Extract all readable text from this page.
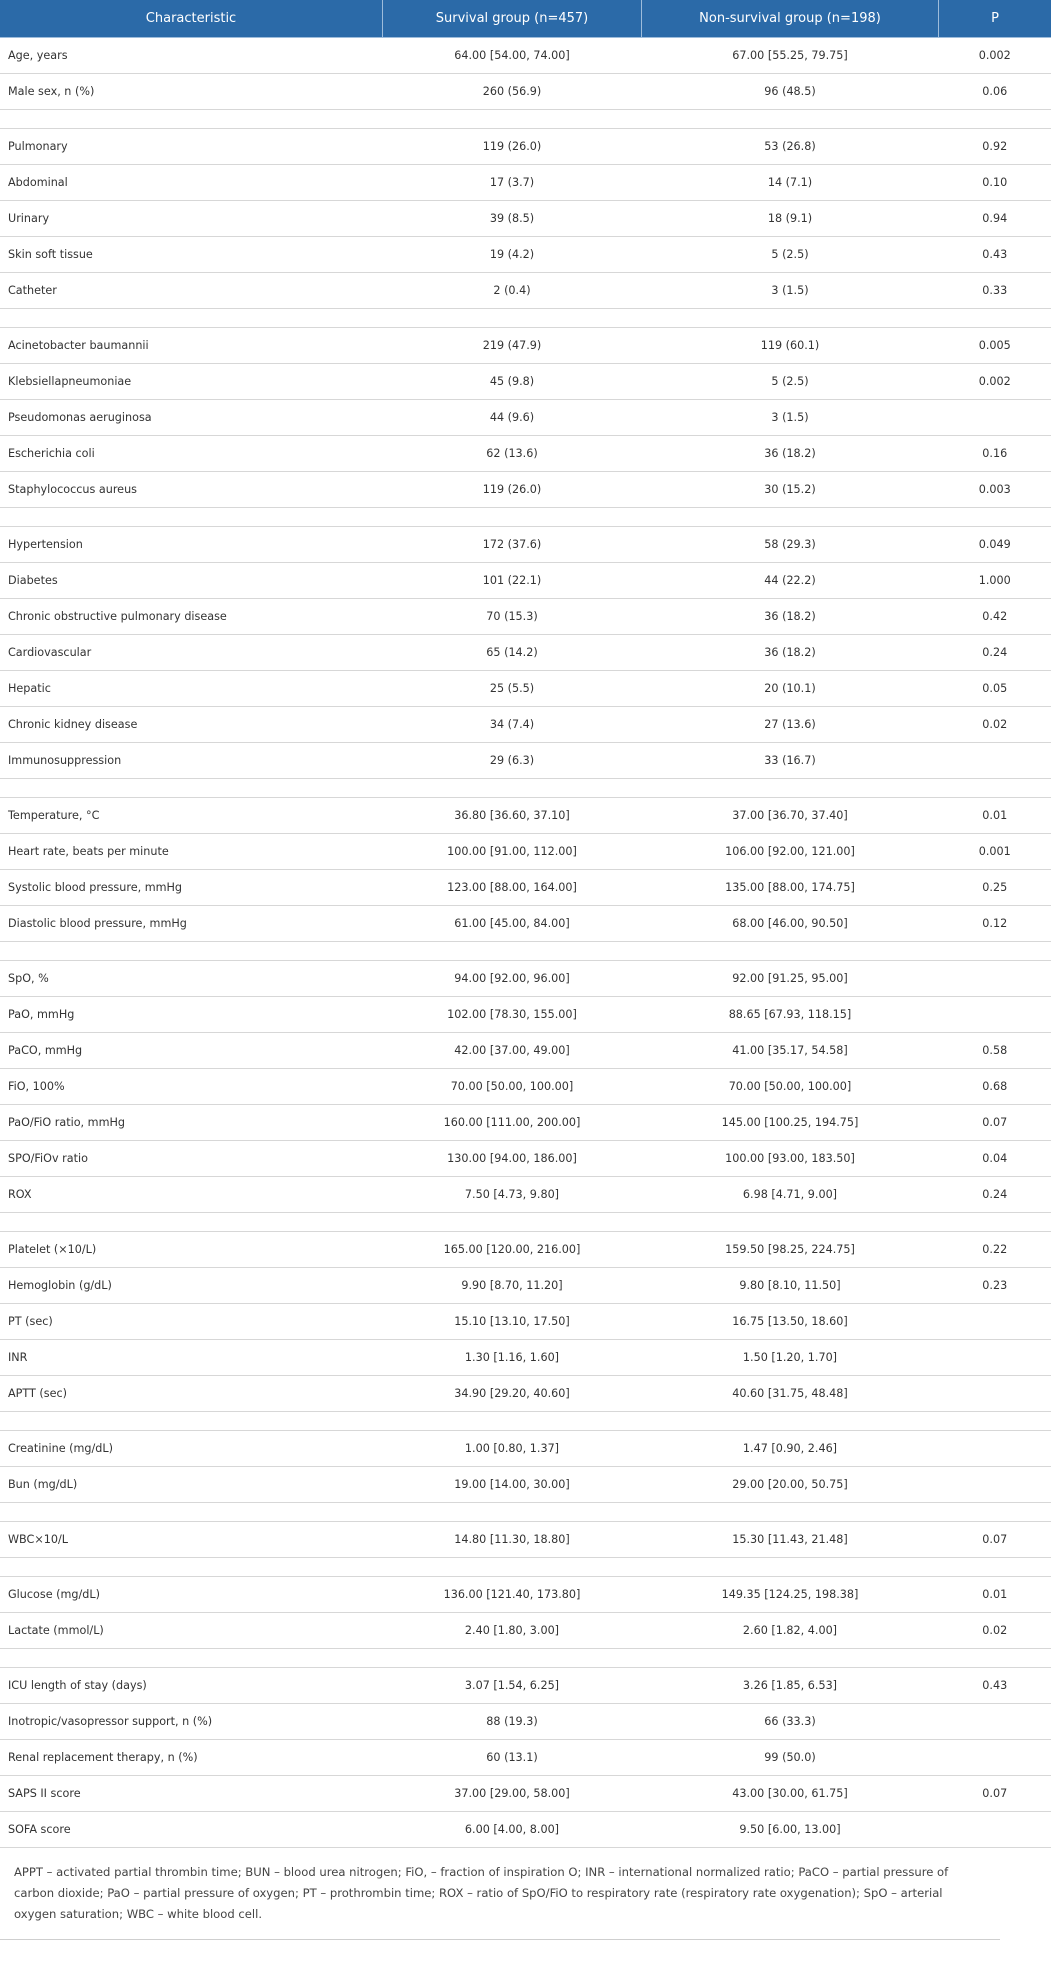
Characteristic	Survival group (n=457)	Non-survival group (n=198)	P
Age, years	64.00 [54.00, 74.00]	67.00 [55.25, 79.75]	0.002
Male sex, n (%)	260 (56.9)	96 (48.5)	0.06

Pulmonary	119 (26.0)	53 (26.8)	0.92
Abdominal	17 (3.7)	14 (7.1)	0.10
Urinary	39 (8.5)	18 (9.1)	0.94
Skin soft tissue	19 (4.2)	5 (2.5)	0.43
Catheter	2 (0.4)	3 (1.5)	0.33

Acinetobacter baumannii	219 (47.9)	119 (60.1)	0.005
Klebsiellapneumoniae	45 (9.8)	5 (2.5)	0.002
Pseudomonas aeruginosa	44 (9.6)	3 (1.5)	
Escherichia coli	62 (13.6)	36 (18.2)	0.16
Staphylococcus aureus	119 (26.0)	30 (15.2)	0.003

Hypertension	172 (37.6)	58 (29.3)	0.049
Diabetes	101 (22.1)	44 (22.2)	1.000
Chronic obstructive pulmonary disease	70 (15.3)	36 (18.2)	0.42
Cardiovascular	65 (14.2)	36 (18.2)	0.24
Hepatic	25 (5.5)	20 (10.1)	0.05
Chronic kidney disease	34 (7.4)	27 (13.6)	0.02
Immunosuppression	29 (6.3)	33 (16.7)	

Temperature, °C	36.80 [36.60, 37.10]	37.00 [36.70, 37.40]	0.01
Heart rate, beats per minute	100.00 [91.00, 112.00]	106.00 [92.00, 121.00]	0.001
Systolic blood pressure, mmHg	123.00 [88.00, 164.00]	135.00 [88.00, 174.75]	0.25
Diastolic blood pressure, mmHg	61.00 [45.00, 84.00]	68.00 [46.00, 90.50]	0.12

SpO, %	94.00 [92.00, 96.00]	92.00 [91.25, 95.00]	
PaO, mmHg	102.00 [78.30, 155.00]	88.65 [67.93, 118.15]	
PaCO, mmHg	42.00 [37.00, 49.00]	41.00 [35.17, 54.58]	0.58
FiO, 100%	70.00 [50.00, 100.00]	70.00 [50.00, 100.00]	0.68
PaO/FiO ratio, mmHg	160.00 [111.00, 200.00]	145.00 [100.25, 194.75]	0.07
SPO/FiOv ratio	130.00 [94.00, 186.00]	100.00 [93.00, 183.50]	0.04
ROX	7.50 [4.73, 9.80]	6.98 [4.71, 9.00]	0.24

Platelet (×10/L)	165.00 [120.00, 216.00]	159.50 [98.25, 224.75]	0.22
Hemoglobin (g/dL)	9.90 [8.70, 11.20]	9.80 [8.10, 11.50]	0.23
PT (sec)	15.10 [13.10, 17.50]	16.75 [13.50, 18.60]	
INR	1.30 [1.16, 1.60]	1.50 [1.20, 1.70]	
APTT (sec)	34.90 [29.20, 40.60]	40.60 [31.75, 48.48]	

Creatinine (mg/dL)	1.00 [0.80, 1.37]	1.47 [0.90, 2.46]	
Bun (mg/dL)	19.00 [14.00, 30.00]	29.00 [20.00, 50.75]	

WBC×10/L	14.80 [11.30, 18.80]	15.30 [11.43, 21.48]	0.07

Glucose (mg/dL)	136.00 [121.40, 173.80]	149.35 [124.25, 198.38]	0.01
Lactate (mmol/L)	2.40 [1.80, 3.00]	2.60 [1.82, 4.00]	0.02

ICU length of stay (days)	3.07 [1.54, 6.25]	3.26 [1.85, 6.53]	0.43
Inotropic/vasopressor support, n (%)	88 (19.3)	66 (33.3)	
Renal replacement therapy, n (%)	60 (13.1)	99 (50.0)	
SAPS II score	37.00 [29.00, 58.00]	43.00 [30.00, 61.75]	0.07
SOFA score	6.00 [4.00, 8.00]	9.50 [6.00, 13.00]	
APPT – activated partial thrombin time; BUN – blood urea nitrogen; FiO, – fraction of inspiration O; INR – international normalized ratio; PaCO – partial pressure of carbon dioxide; PaO – partial pressure of oxygen; PT – prothrombin time; ROX – ratio of SpO/FiO to respiratory rate (respiratory rate oxygenation); SpO – arterial oxygen saturation; WBC – white blood cell.
